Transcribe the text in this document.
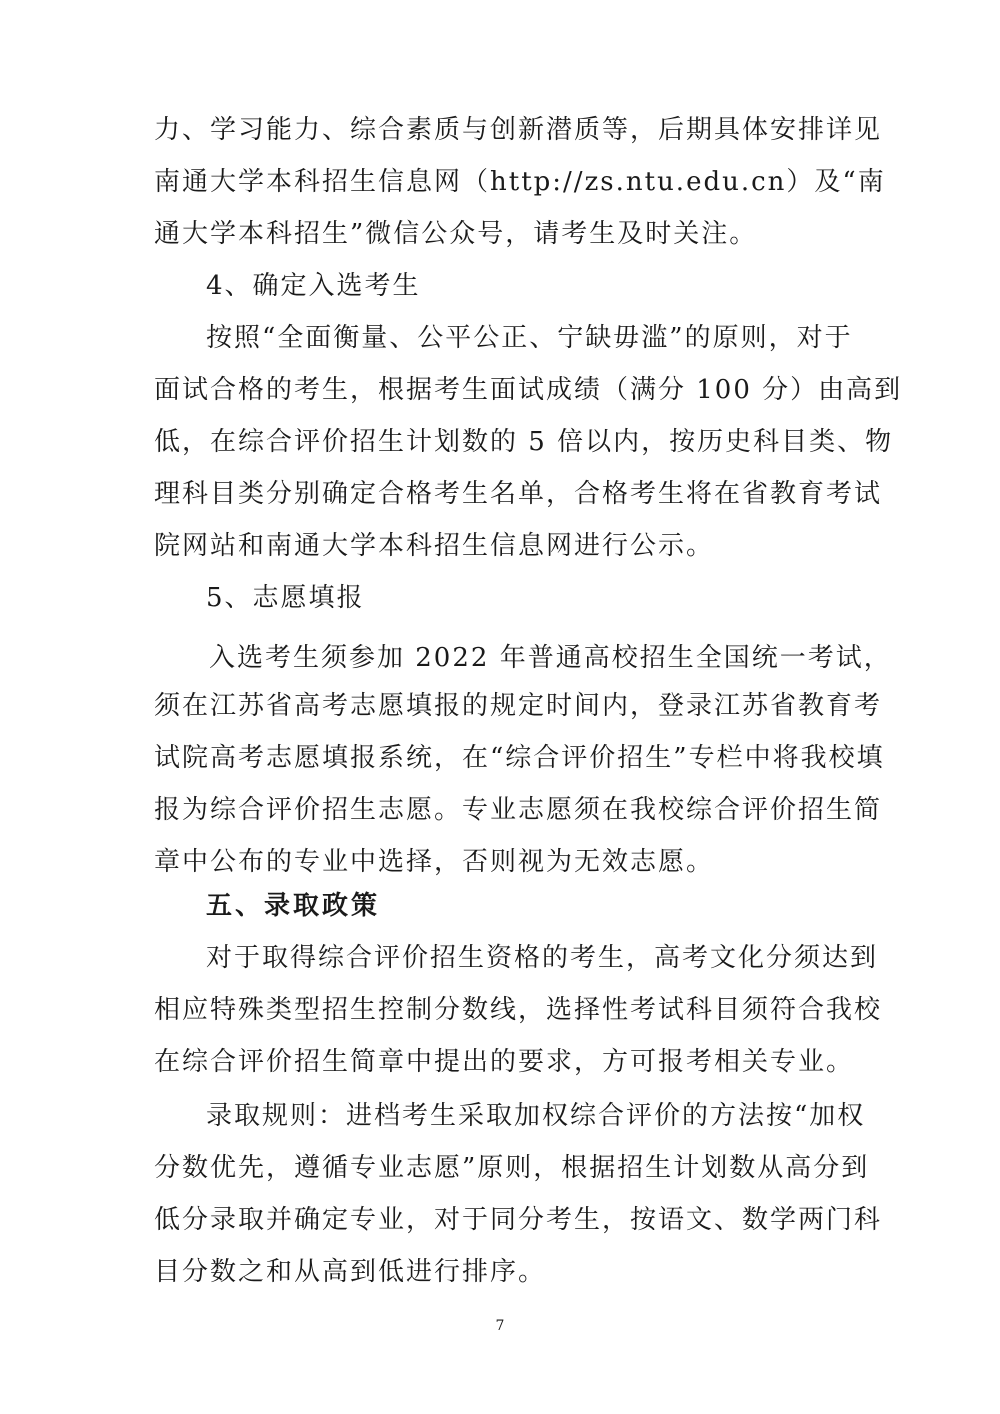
力、学习能力、综合素质与创新潜质等，后期具体安排详见
南通大学本科招生信息网（http://zs.ntu.edu.cn）及“南
通大学本科招生”微信公众号，请考生及时关注。
4、确定入选考生
按照“全面衡量、公平公正、宁缺毋滥”的原则，对于
面试合格的考生，根据考生面试成绩（满分 100 分）由高到
低，在综合评价招生计划数的 5 倍以内，按历史科目类、物
理科目类分别确定合格考生名单，合格考生将在省教育考试
院网站和南通大学本科招生信息网进行公示。
5、志愿填报
入选考生须参加 2022 年普通高校招生全国统一考试，
须在江苏省高考志愿填报的规定时间内，登录江苏省教育考
试院高考志愿填报系统，在“综合评价招生”专栏中将我校填
报为综合评价招生志愿。专业志愿须在我校综合评价招生简
章中公布的专业中选择，否则视为无效志愿。
五、录取政策
对于取得综合评价招生资格的考生，高考文化分须达到
相应特殊类型招生控制分数线，选择性考试科目须符合我校
在综合评价招生简章中提出的要求，方可报考相关专业。
录取规则：进档考生采取加权综合评价的方法按“加权
分数优先，遵循专业志愿”原则，根据招生计划数从高分到
低分录取并确定专业，对于同分考生，按语文、数学两门科
目分数之和从高到低进行排序。
7
